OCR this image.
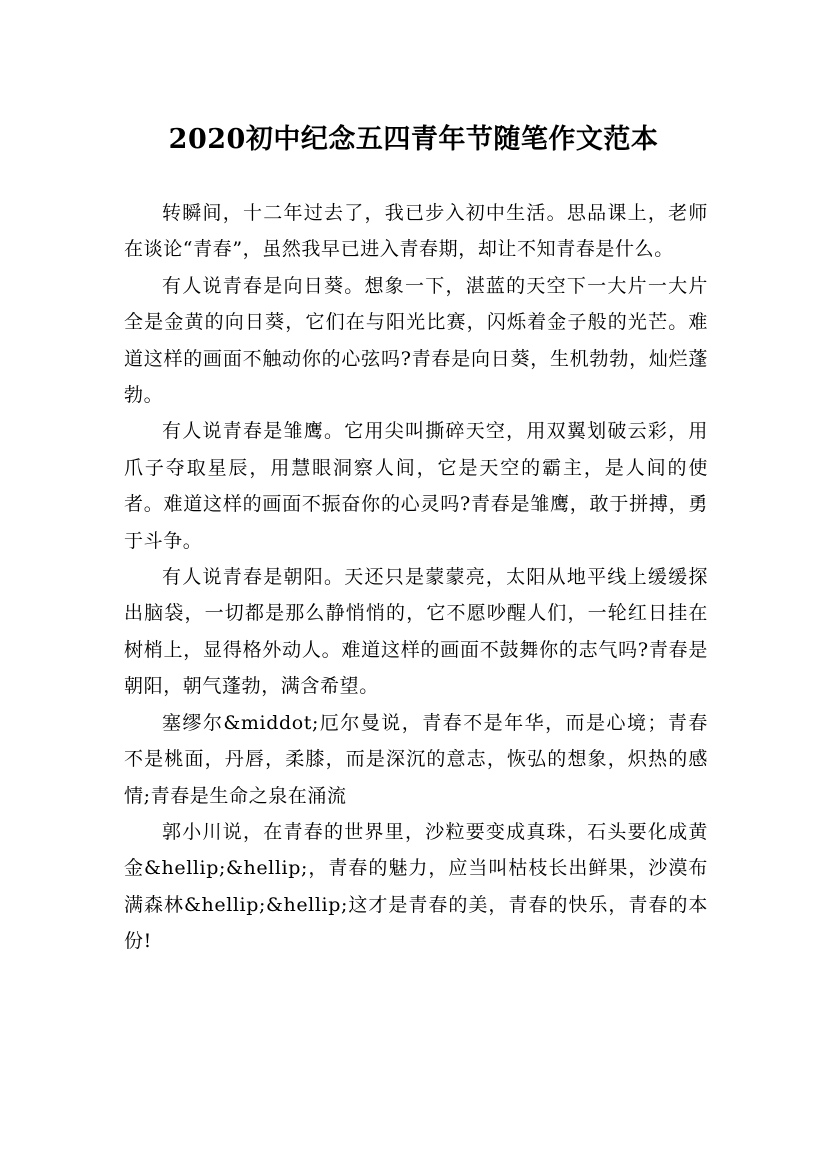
2020初中纪念五四青年节随笔作文范本

转瞬间，十二年过去了，我已步入初中生活。思品课上，老师在谈论“青春”，虽然我早已进入青春期，却让不知青春是什么。

有人说青春是向日葵。想象一下，湛蓝的天空下一大片一大片全是金黄的向日葵，它们在与阳光比赛，闪烁着金子般的光芒。难道这样的画面不触动你的心弦吗?青春是向日葵，生机勃勃，灿烂蓬勃。

有人说青春是雏鹰。它用尖叫撕碎天空，用双翼划破云彩，用爪子夺取星辰，用慧眼洞察人间，它是天空的霸主，是人间的使者。难道这样的画面不振奋你的心灵吗?青春是雏鹰，敢于拼搏，勇于斗争。

有人说青春是朝阳。天还只是蒙蒙亮，太阳从地平线上缓缓探出脑袋，一切都是那么静悄悄的，它不愿吵醒人们，一轮红日挂在树梢上，显得格外动人。难道这样的画面不鼓舞你的志气吗?青春是朝阳，朝气蓬勃，满含希望。

塞缪尔&middot;厄尔曼说，青春不是年华，而是心境；青春不是桃面，丹唇，柔膝，而是深沉的意志，恢弘的想象，炽热的感情;青春是生命之泉在涌流

郭小川说，在青春的世界里，沙粒要变成真珠，石头要化成黄金&hellip;&hellip;，青春的魅力，应当叫枯枝长出鲜果，沙漠布满森林&hellip;&hellip;这才是青春的美，青春的快乐，青春的本份!
